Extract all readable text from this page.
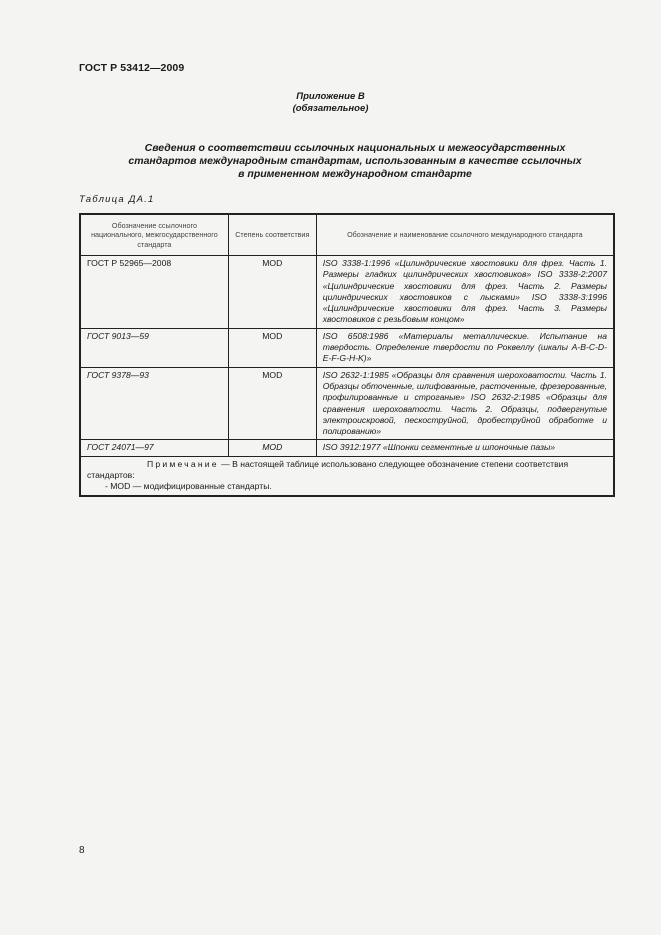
ГОСТ Р 53412—2009
Приложение В
(обязательное)
Сведения о соответствии ссылочных национальных и межгосударственных
стандартов международным стандартам, использованным в качестве ссылочных
в примененном международном стандарте
Таблица ДА.1
Обозначение ссылочного национального, межгосударственного стандарта	Степень соответствия	Обозначение и наименование ссылочного международного стандарта
ГОСТ Р 52965—2008	MOD	ISO 3338-1:1996 «Цилиндрические хвостовики для фрез. Часть 1. Размеры гладких цилиндрических хвостовиков» ISO 3338-2:2007 «Цилиндрические хвостовики для фрез. Часть 2. Размеры цилиндрических хвостовиков с лысками» ISO 3338-3:1996 «Цилиндрические хвостовики для фрез. Часть 3. Размеры хвостовиков с резьбовым концом»
ГОСТ 9013—59	MOD	ISO 6508:1986 «Материалы металлические. Испытание на твердость. Определение твердости по Роквеллу (шкалы A-B-C-D-E-F-G-H-K)»
ГОСТ 9378—93	MOD	ISO 2632-1:1985 «Образцы для сравнения шероховатости. Часть 1. Образцы обточенные, шлифованные, расточенные, фрезерованные, профилированные и строганые» ISO 2632-2:1985 «Образцы для сравнения шероховатости. Часть 2. Образцы, подвергнутые электроискровой, пескоструйной, дробеструйной обработке и полированию»
ГОСТ 24071—97	MOD	ISO 3912:1977 «Шпонки сегментные и шпоночные пазы»

Примечание — В настоящей таблице использовано следующее обозначение степени соответствия стандартов:
- MOD — модифицированные стандарты.		
8
